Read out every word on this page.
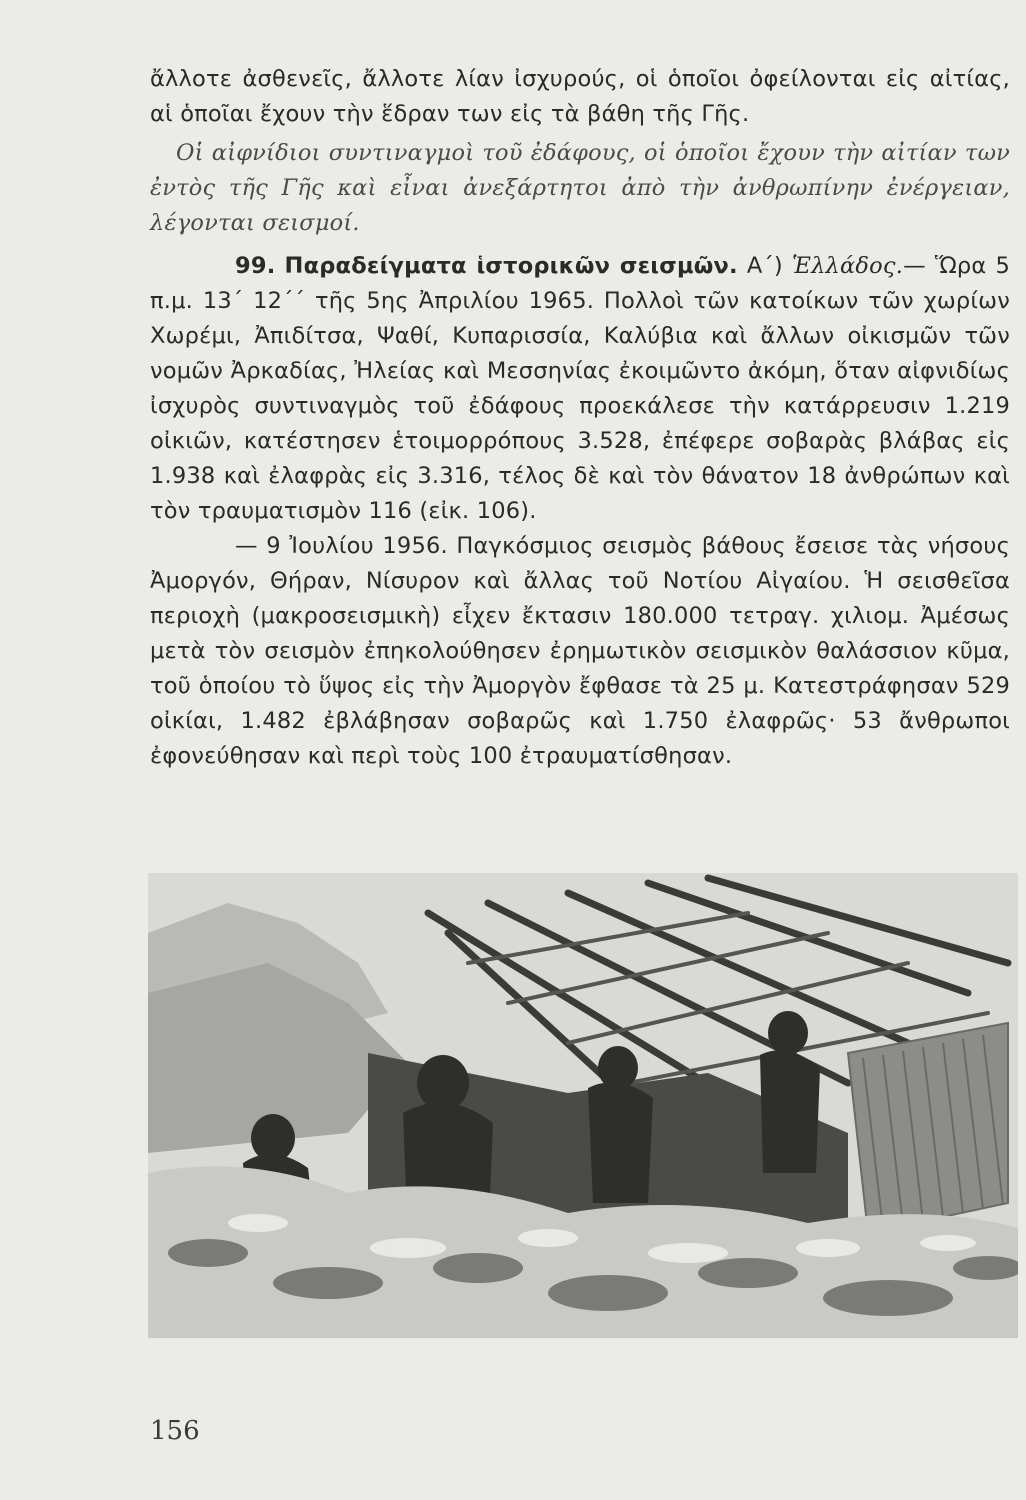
ἄλλοτε ἀσθενεῖς, ἄλλοτε λίαν ἰσχυρούς, οἱ ὁποῖοι ὀφείλονται εἰς αἰτίας, αἱ ὁποῖαι ἔχουν τὴν ἕδραν των εἰς τὰ βάθη τῆς Γῆς.

Οἱ αἰφνίδιοι συντιναγμοὶ τοῦ ἐδάφους, οἱ ὁποῖοι ἔχουν τὴν αἰτίαν των ἐντὸς τῆς Γῆς καὶ εἶναι ἀνεξάρτητοι ἀπὸ τὴν ἀνθρωπίνην ἐνέργειαν, λέγονται σεισμοί.

99. Παραδείγματα ἱστορικῶν σεισμῶν. Α΄) Ἑλλάδος.— Ὥρα 5 π.μ. 13΄ 12΄΄ τῆς 5ης Ἀπριλίου 1965. Πολλοὶ τῶν κατοίκων τῶν χωρίων Χωρέμι, Ἀπιδίτσα, Ψαθί, Κυπαρισσία, Καλύβια καὶ ἄλλων οἰκισμῶν τῶν νομῶν Ἀρκαδίας, Ἠλείας καὶ Μεσσηνίας ἐκοιμῶντο ἀκόμη, ὅταν αἰφνιδίως ἰσχυρὸς συντιναγμὸς τοῦ ἐδάφους προεκάλεσε τὴν κατάρρευσιν 1.219 οἰκιῶν, κατέστησεν ἑτοιμορρόπους 3.528, ἐπέφερε σοβαρὰς βλάβας εἰς 1.938 καὶ ἐλαφρὰς εἰς 3.316, τέλος δὲ καὶ τὸν θάνατον 18 ἀνθρώπων καὶ τὸν τραυματισμὸν 116 (εἰκ. 106).

— 9 Ἰουλίου 1956. Παγκόσμιος σεισμὸς βάθους ἔσεισε τὰς νήσους Ἀμοργόν, Θήραν, Νίσυρον καὶ ἄλλας τοῦ Νοτίου Αἰγαίου. Ἡ σεισθεῖσα περιοχὴ (μακροσεισμικὴ) εἶχεν ἔκτασιν 180.000 τετραγ. χιλιομ. Ἀμέσως μετὰ τὸν σεισμὸν ἐπηκολούθησεν ἐρημωτικὸν σεισμικὸν θαλάσσιον κῦμα, τοῦ ὁποίου τὸ ὕψος εἰς τὴν Ἀμοργὸν ἔφθασε τὰ 25 μ. Κατεστράφησαν 529 οἰκίαι, 1.482 ἐβλάβησαν σοβαρῶς καὶ 1.750 ἐλαφρῶς· 53 ἄνθρωποι ἐφονεύθησαν καὶ περὶ τοὺς 100 ἐτραυματίσθησαν.

156
